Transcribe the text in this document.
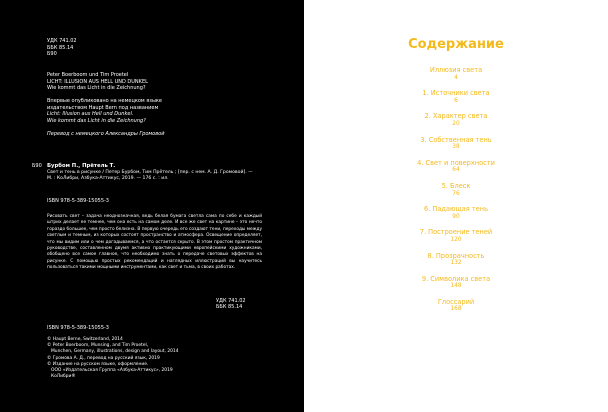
УДК 741.02
ББК 85.14
Б90
Peter Boerboom und Tim Proetel
LICHT: ILLUSION AUS HELL UND DUNKEL
Wie kommt das Licht in die Zeichnung?
Впервые опубликовано на немецком языке
издательством Haupt Bern под названием
Licht: Illusion aus Hell und Dunkel.
Wie kommt das Licht in die Zeichnung?
Перевод с немецкого Александры Громовой
Б90 Бурбом П., Прётель Т.
Свет и тень в рисунке / Петер Бурбом, Тим Прётель ; [пер. с нем. А. Д. Громовой]. — М. : КоЛибри, Азбука-Аттикус, 2019. — 176 с. : ил.
ISBN 978-5-389-15055-3
Рисовать свет – задача неоднозначная, ведь белая бумага светла сама по себе и каждый штрих делает ее темнее, чем она есть на самом деле. И все же свет на картине – это нечто гораздо большее, чем просто белизна. В первую очередь его создают тени, переходы между светлым и темным, из которых состоят пространство и атмосфера. Освещение определяет, что мы видим или о чем догадываемся, а что остается скрыто. В этом простом практичном руководстве, составленном двумя активно практикующими европейскими художниками, обобщено все самое главное, что необходимо знать о передаче световых эффектов на рисунке. С помощью простых рекомендаций и наглядных иллюстраций вы научитесь пользоваться такими мощными инструментами, как свет и тьма, в своих работах.
УДК 741.02
ББК 85.14
ISBN 978-5-389-15055-3
© Haupt Berne, Switzerland, 2014
© Peter Boerboom, Munsing, and Tim Proetel,
Munchen, Germany, illustrations, design and layout, 2014
© Громова А. Д., перевод на русский язык, 2019
© Издание на русском языке, оформление.
ООО «Издательская Группа «Азбука-Аттикус», 2019
КоЛибри®
Содержание
Иллюзия света
4
1. Источники света
6
2. Характер света
20
3. Собственная тень
38
4. Свет и поверхности
64
5. Блеск
76
6. Падающая тень
90
7. Построение теней
120
8. Прозрачность
132
9. Символика света
148
Глоссарий
168
